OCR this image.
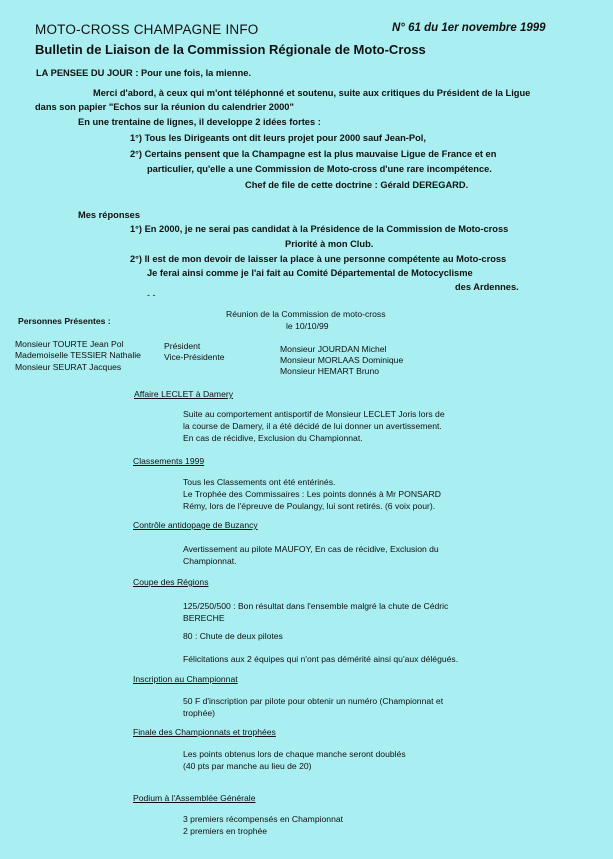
MOTO-CROSS CHAMPAGNE INFO	N° 61 du 1er novembre 1999
Bulletin de Liaison de la Commission Régionale de Moto-Cross
LA PENSEE DU JOUR : Pour une fois, la mienne.
Merci d'abord, à ceux qui m'ont téléphonné et soutenu, suite aux critiques du Président de la Ligue
dans son papier "Echos sur la réunion du calendrier 2000"
En une trentaine de lignes, il developpe 2 idées fortes :
1°) Tous les Dirigeants ont dit leurs projet pour 2000 sauf Jean-Pol,
2°) Certains pensent que la Champagne est la plus mauvaise Ligue de France et en
particulier, qu'elle a une Commission de Moto-cross d'une rare incompétence.
Chef de file de cette doctrine : Gérald DEREGARD.
Mes réponses
1°) En 2000, je ne serai pas candidat à la Présidence de la Commission de Moto-cross
Priorité à mon Club.
2°) Il est de mon devoir de laisser la place à une personne compétente au Moto-cross
Je ferai ainsi comme je l'ai fait au Comité Départemental de Motocyclisme
des Ardennes.
- -
Réunion de la Commission de moto-cross
le 10/10/99
Personnes Présentes :
Monsieur TOURTE Jean Pol
Mademoiselle TESSIER Nathalie
Monsieur SEURAT Jacques
Président
Vice-Présidente
Monsieur JOURDAN Michel
Monsieur MORLAAS Dominique
Monsieur HEMART Bruno
Affaire LECLET à Damery
Suite au comportement antisportif de Monsieur LECLET Joris lors de
la course de Damery, il a été décidé de lui donner un avertissement.
En cas de récidive, Exclusion du Championnat.
Classements 1999
Tous les Classements ont été entérinés.
Le Trophée des Commissaires : Les points donnés à Mr PONSARD
Rémy, lors de l'épreuve de Poulangy, lui sont retirés. (6 voix pour).
Contrôle antidopage de Buzancy
Avertissement au pilote MAUFOY, En cas de récidive, Exclusion du
Championnat.
Coupe des Régions
125/250/500 : Bon résultat dans l'ensemble malgré la chute de Cédric
BERECHE
80 : Chute de deux pilotes
Félicitations aux 2 équipes qui n'ont pas démérité ainsi qu'aux délégués.
Inscription au Championnat
50 F d'inscription par pilote pour obtenir un numéro (Championnat et
trophée)
Finale des Championnats et trophées
Les points obtenus lors de chaque manche seront doublés
(40 pts par manche au lieu de 20)
Podium à l'Assemblée Générale
3 premiers récompensés en Championnat
2 premiers en trophée
